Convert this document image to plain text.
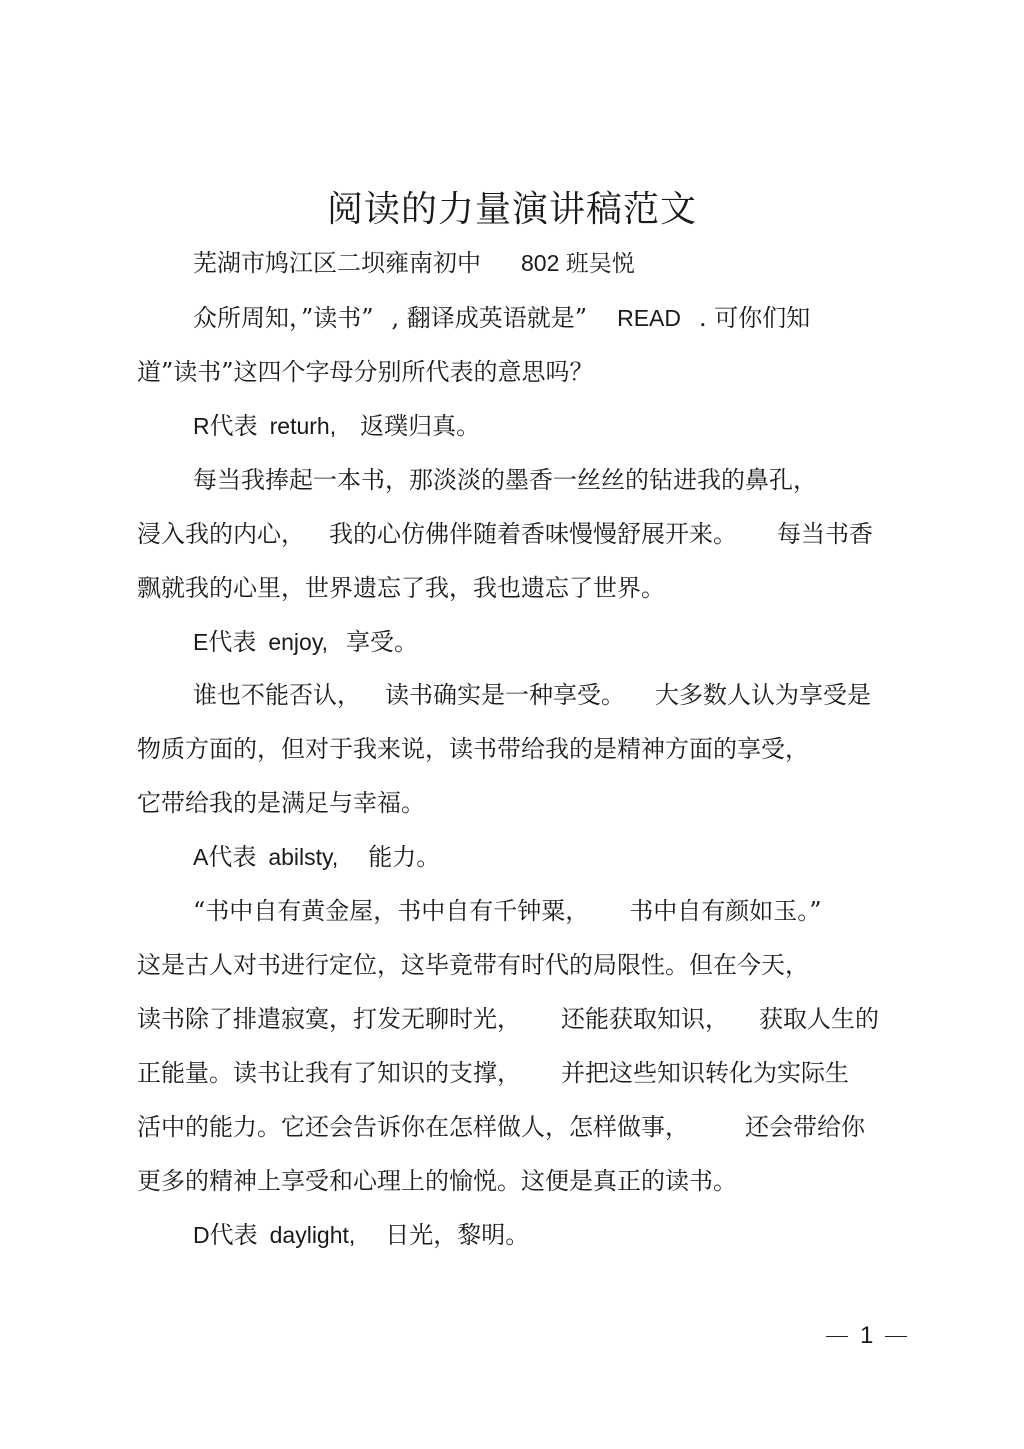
阅读的力量演讲稿范文
芜湖市鸠江区二坝雍南初中 802 班吴悦
众所周知，”读书” , 翻译成英语就是” READ . 可你们知
道”读书”这四个字母分别所代表的意思吗？
R代表 returh, 返璞归真。
每当我捧起一本书，那淡淡的墨香一丝丝的钻进我的鼻孔，
浸入我的内心， 我的心仿佛伴随着香味慢慢舒展开来。 每当书香
飘就我的心里，世界遗忘了我，我也遗忘了世界。
E代表 enjoy, 享受。
谁也不能否认， 读书确实是一种享受。 大多数人认为享受是
物质方面的，但对于我来说，读书带给我的是精神方面的享受，
它带给我的是满足与幸福。
A代表 abilsty, 能力。
“书中自有黄金屋，书中自有千钟粟， 书中自有颜如玉。”
这是古人对书进行定位，这毕竟带有时代的局限性。但在今天，
读书除了排遣寂寞，打发无聊时光， 还能获取知识， 获取人生的
正能量。读书让我有了知识的支撑， 并把这些知识转化为实际生
活中的能力。它还会告诉你在怎样做人，怎样做事， 还会带给你
更多的精神上享受和心理上的愉悦。这便是真正的读书。
D代表 daylight, 日光，黎明。
1
